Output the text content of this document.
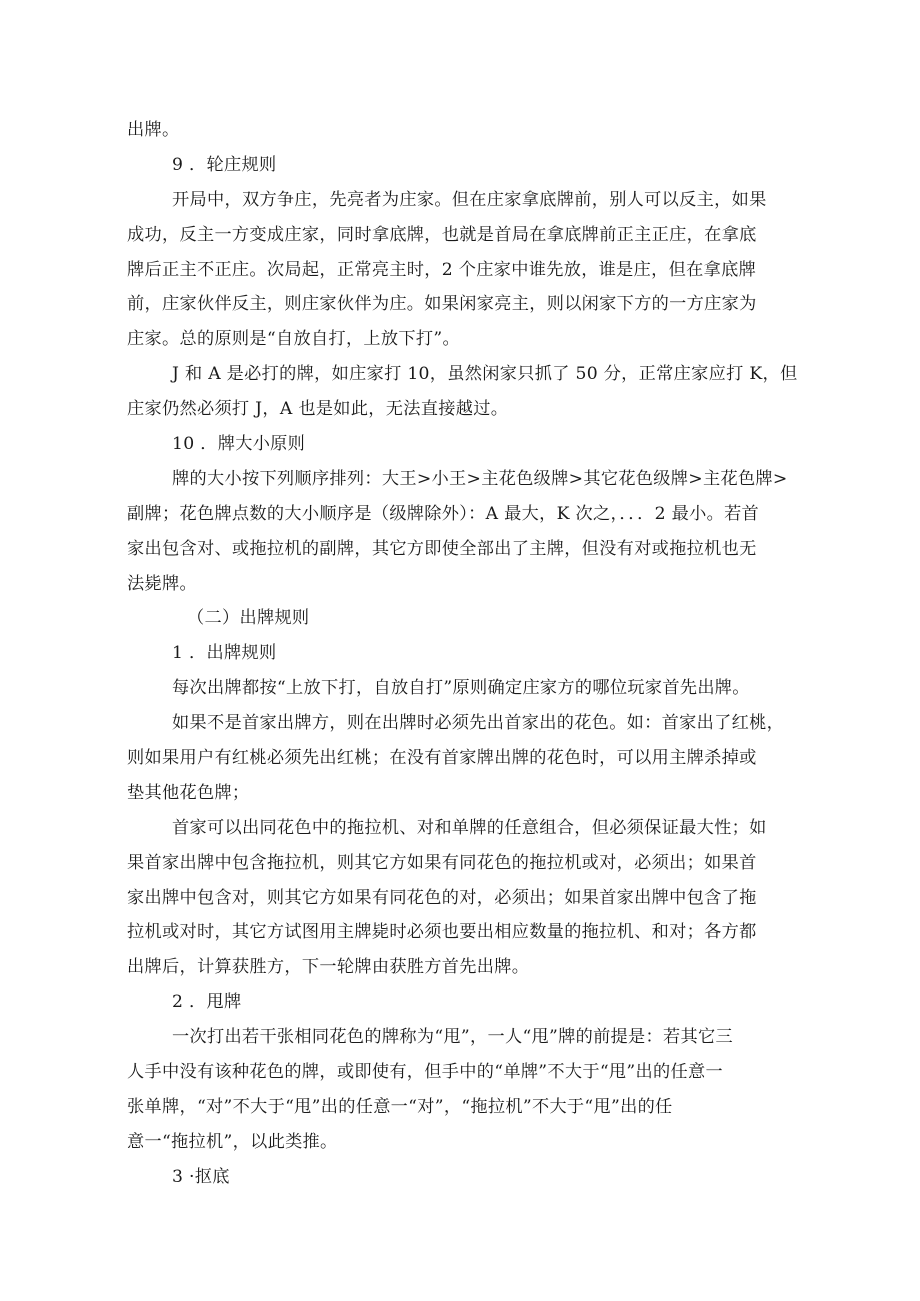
出牌。

9 ．轮庄规则

开局中，双方争庄，先亮者为庄家。但在庄家拿底牌前，别人可以反主，如果

成功，反主一方变成庄家，同时拿底牌，也就是首局在拿底牌前正主正庄，在拿底

牌后正主不正庄。次局起，正常亮主时，2 个庄家中谁先放，谁是庄，但在拿底牌

前，庄家伙伴反主，则庄家伙伴为庄。如果闲家亮主，则以闲家下方的一方庄家为

庄家。总的原则是“自放自打，上放下打”。

J 和 A 是必打的牌，如庄家打 10，虽然闲家只抓了 50 分，正常庄家应打 K，但

庄家仍然必须打 J，A 也是如此，无法直接越过。

10 ．牌大小原则

牌的大小按下列顺序排列：大王>小王>主花色级牌>其它花色级牌>主花色牌>

副牌；花色牌点数的大小顺序是（级牌除外）：A 最大，K 次之，．．．2 最小。若首

家出包含对、或拖拉机的副牌，其它方即使全部出了主牌，但没有对或拖拉机也无

法毙牌。

（二）出牌规则

1 ．出牌规则

每次出牌都按“上放下打，自放自打”原则确定庄家方的哪位玩家首先出牌。

如果不是首家出牌方，则在出牌时必须先出首家出的花色。如：首家出了红桃，

则如果用户有红桃必须先出红桃；在没有首家牌出牌的花色时，可以用主牌杀掉或

垫其他花色牌；

首家可以出同花色中的拖拉机、对和单牌的任意组合，但必须保证最大性；如

果首家出牌中包含拖拉机，则其它方如果有同花色的拖拉机或对，必须出；如果首

家出牌中包含对，则其它方如果有同花色的对，必须出；如果首家出牌中包含了拖

拉机或对时，其它方试图用主牌毙时必须也要出相应数量的拖拉机、和对；各方都

出牌后，计算获胜方，下一轮牌由获胜方首先出牌。

2 ．甩牌

一次打出若干张相同花色的牌称为“甩”，一人“甩”牌的前提是：若其它三

人手中没有该种花色的牌，或即使有，但手中的“单牌”不大于“甩”出的任意一

张单牌，“对”不大于“甩”出的任意一“对”，“拖拉机”不大于“甩”出的任

意一“拖拉机”，以此类推。

3 ·抠底
